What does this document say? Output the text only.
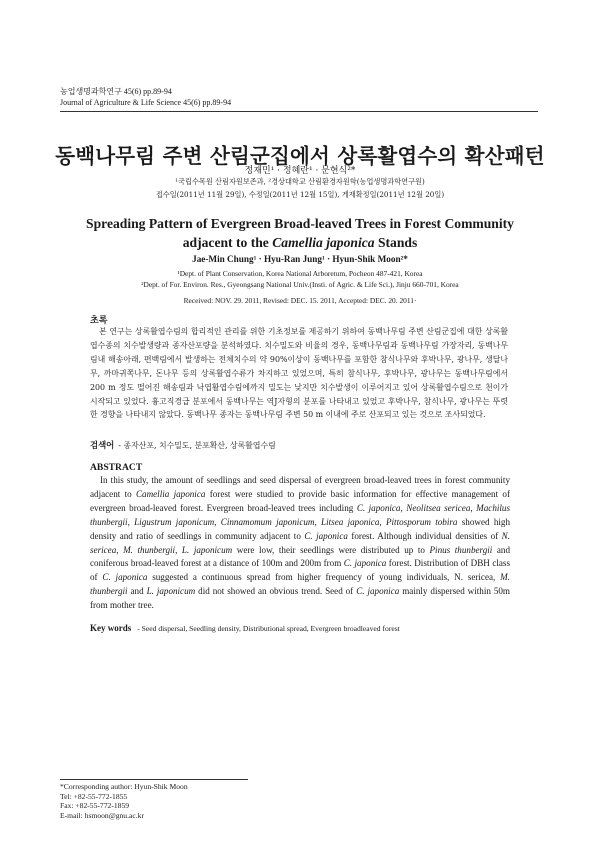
농업생명과학연구 45(6) pp.89-94
Journal of Agriculture & Life Science 45(6) pp.89-94
동백나무림 주변 산림군집에서 상록활엽수의 확산패턴
정재민¹ · 정혜란¹ · 문현식²*
¹국립수목원 산림자원보존과, ²경상대학교 산림환경자원학(농업생명과학연구원)
접수일(2011년 11월 29일), 수정일(2011년 12월 15일), 게재확정일(2011년 12월 20일)
Spreading Pattern of Evergreen Broad-leaved Trees in Forest Community
adjacent to the Camellia japonica Stands
Jae-Min Chung¹ · Hyu-Ran Jung¹ · Hyun-Shik Moon²*
¹Dept. of Plant Conservation, Korea National Arboretum, Pocheon 487-421, Korea
²Dept. of For. Environ. Res., Gyeongsang National Univ.(Insti. of Agric. & Life Sci.), Jinju 660-701, Korea
Received: NOV. 29. 2011, Revised: DEC. 15. 2011, Accepted: DEC. 20. 2011·
초록
본 연구는 상록활엽수림의 합리적인 관리를 위한 기초정보를 제공하기 위하여 동백나무림 주변 산림군집에 대한 상록활엽수종의 치수발생량과 종자산포량을 분석하였다. 치수밀도와 비율의 경우, 동백나무림과 동백나무림 가장자리, 동백나무림내 해송아래, 편백림에서 발생하는 전체치수의 약 90%이상이 동백나무를 포함한 참식나무와 후박나무, 광나무, 생달나무, 까마귀쪽나무, 돈나무 등의 상록활엽수류가 차지하고 있었으며, 특히 참식나무, 후박나무, 광나무는 동백나무림에서 200 m 정도 떨어진 해송림과 낙엽활엽수림에까지 밀도는 낮지만 치수발생이 이루어지고 있어 상록활엽수림으로 천이가 시작되고 있었다. 흉고직경급 분포에서 동백나무는 역J자형의 분포를 나타내고 있었고 후박나무, 참식나무, 광나무는 뚜렷한 경향을 나타내지 않았다. 동백나무 종자는 동백나무림 주변 50 m 이내에 주로 산포되고 있는 것으로 조사되었다.
검색어 - 종자산포, 치수밀도, 분포확산, 상록활엽수림
ABSTRACT
In this study, the amount of seedlings and seed dispersal of evergreen broad-leaved trees in forest community adjacent to Camellia japonica forest were studied to provide basic information for effective management of evergreen broad-leaved forest. Evergreen broad-leaved trees including C. japonica, Neolitsea sericea, Machilus thunbergii, Ligustrum japonicum, Cinnamomum japonicum, Litsea japonica, Pittosporum tobira showed high density and ratio of seedlings in community adjacent to C. japonica forest. Although individual densities of N. sericea, M. thunbergii, L. japonicum were low, their seedlings were distributed up to Pinus thunbergii and coniferous broad-leaved forest at a distance of 100m and 200m from C. japonica forest. Distribution of DBH class of C. japonica suggested a continuous spread from higher frequency of young individuals, N. sericea, M. thunbergii and L. japonicum did not showed an obvious trend. Seed of C. japonica mainly dispersed within 50m from mother tree.
Key words - Seed dispersal, Seedling density, Distributional spread, Evergreen broadleaved forest
*Corresponding author: Hyun-Shik Moon
Tel: +82-55-772-1855
Fax: +82-55-772-1859
E-mail: hsmoon@gnu.ac.kr
